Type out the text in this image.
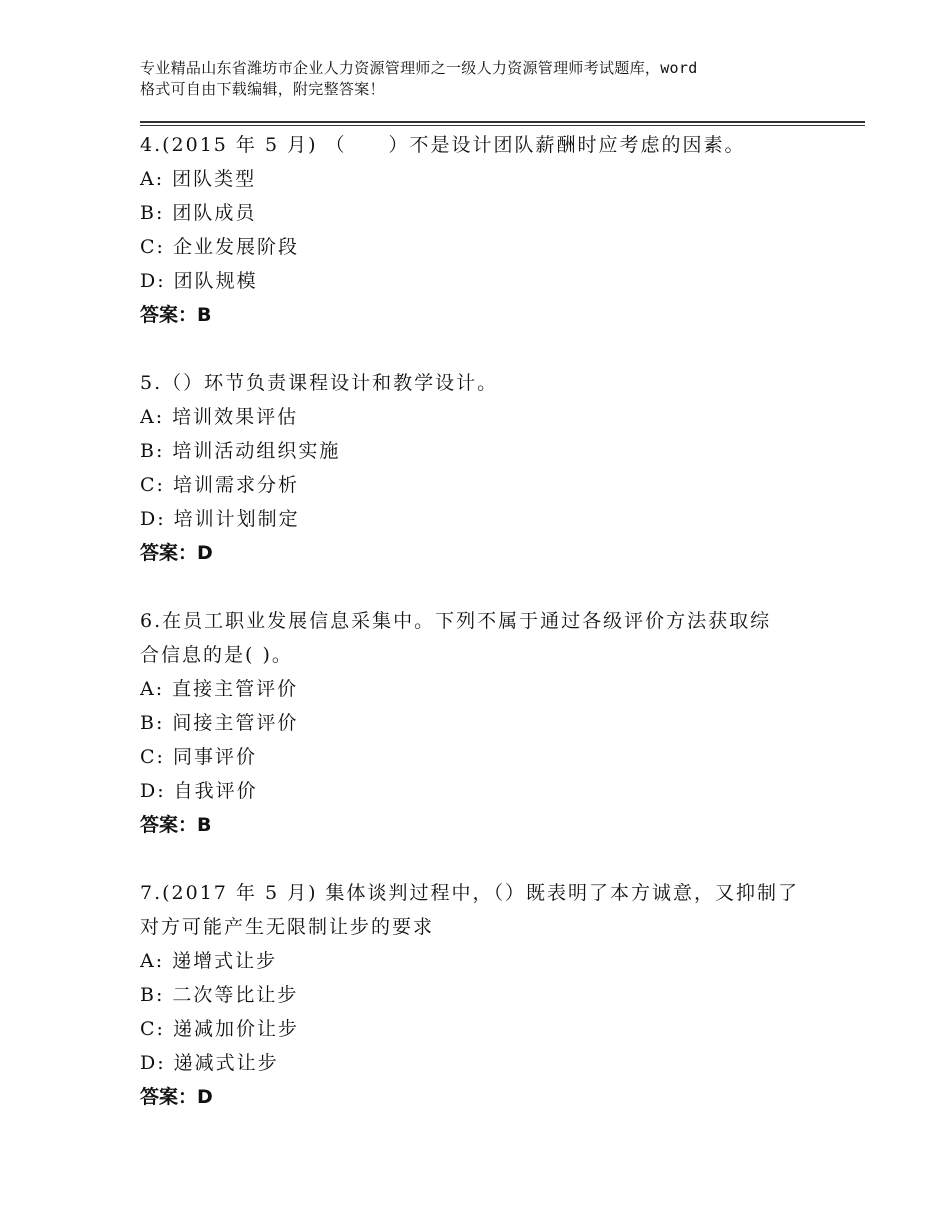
专业精品山东省潍坊市企业人力资源管理师之一级人力资源管理师考试题库，word
格式可自由下载编辑，附完整答案！

4.(2015 年 5 月) （　　）不是设计团队薪酬时应考虑的因素。

A: 团队类型

B: 团队成员

C: 企业发展阶段

D: 团队规模

答案：B

5.（）环节负责课程设计和教学设计。

A: 培训效果评估

B: 培训活动组织实施

C: 培训需求分析

D: 培训计划制定

答案：D

6.在员工职业发展信息采集中。下列不属于通过各级评价方法获取综

合信息的是( )。

A: 直接主管评价

B: 间接主管评价

C: 同事评价

D: 自我评价

答案：B

7.(2017 年 5 月) 集体谈判过程中，（）既表明了本方诚意，又抑制了

对方可能产生无限制让步的要求

A: 递增式让步

B: 二次等比让步

C: 递减加价让步

D: 递减式让步

答案：D
